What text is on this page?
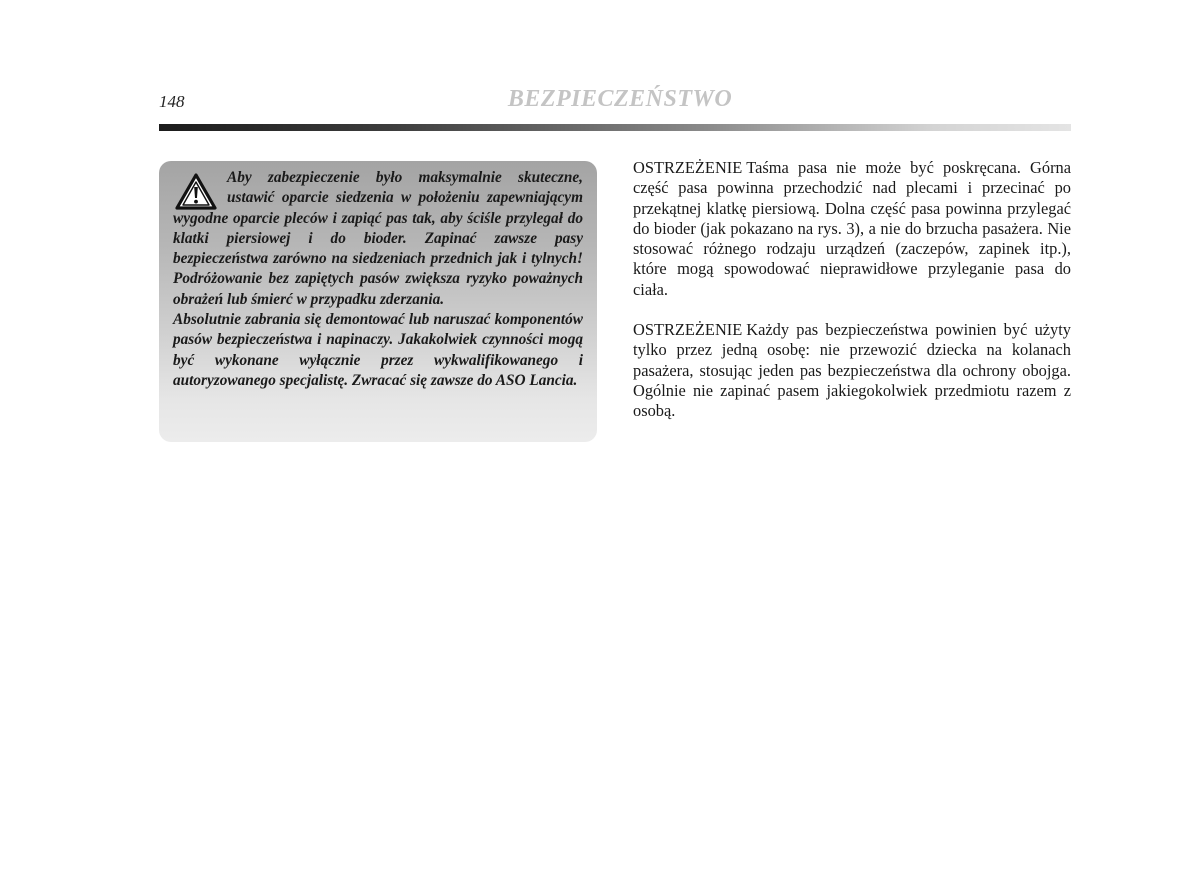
148	BEZPIECZEŃSTWO

Aby zabezpieczenie było maksymalnie skuteczne, ustawić oparcie siedzenia w położeniu zapewniającym wygodne oparcie pleców i zapiąć pas tak, aby ściśle przylegał do klatki piersiowej i do bioder. Zapinać zawsze pasy bezpieczeństwa zarówno na siedzeniach przednich jak i tylnych! Podróżowanie bez zapiętych pasów zwiększa ryzyko poważnych obrażeń lub śmierć w przypadku zderzania.

Absolutnie zabrania się demontować lub naruszać komponentów pasów bezpieczeństwa i napinaczy. Jakakolwiek czynności mogą być wykonane wyłącznie przez wykwalifikowanego i autoryzowanego specjalistę. Zwracać się zawsze do ASO Lancia.

OSTRZEŻENIE Taśma pasa nie może być poskręcana. Górna część pasa powinna przechodzić nad plecami i przecinać po przekątnej klatkę piersiową. Dolna część pasa powinna przylegać do bioder (jak pokazano na rys. 3), a nie do brzucha pasażera. Nie stosować różnego rodzaju urządzeń (zaczepów, zapinek itp.), które mogą spowodować nieprawidłowe przyleganie pasa do ciała.

OSTRZEŻENIE Każdy pas bezpieczeństwa powinien być użyty tylko przez jedną osobę: nie przewozić dziecka na kolanach pasażera, stosując jeden pas bezpieczeństwa dla ochrony obojga. Ogólnie nie zapinać pasem jakiegokolwiek przedmiotu razem z osobą.
